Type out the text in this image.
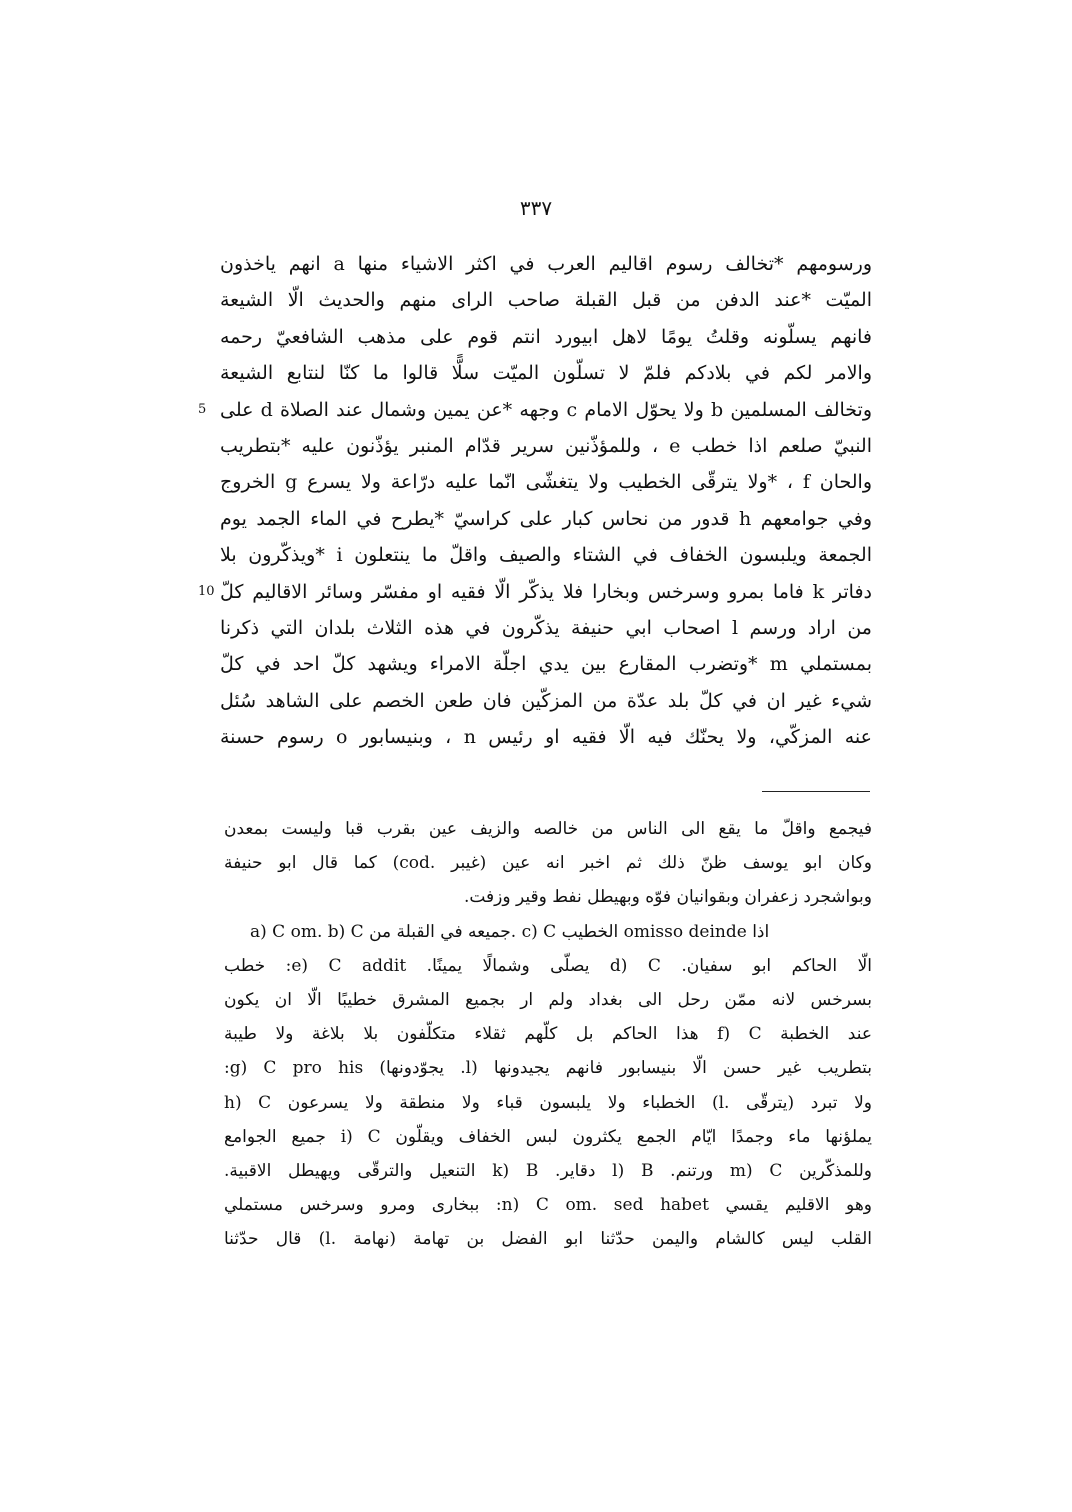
٣٣٧
ورسومهم *تخالف رسوم اقاليم العرب في اكثر الاشياء منها a انهم ياخذون
الميّت *عند الدفن من قبل القبلة صاحب الراى منهم والحديث الّا الشيعة
فانهم يسلّونه وقلتُ يومًا لاهل ابيورد انتم قوم على مذهب الشافعيّ رحمه
والامر لكم في بلادكم فلمّ لا تسلّون الميّت سلًّا قالوا ما كنّا لنتابع الشيعة
5 وتخالف المسلمين b ولا يحوّل الامام c وجهه *عن يمين وشمال عند الصلاة d على
النبيّ صلعم اذا خطب e ، وللمؤذّنين سرير قدّام المنبر يؤذّنون عليه *بتطريب
والحان f ، *ولا يترقّى الخطيب ولا يتغشّى انّما عليه درّاعة ولا يسرع g الخروج
وفي جوامعهم h قدور من نحاس كبار على كراسيّ *يطرح في الماء الجمد يوم
الجمعة ويلبسون الخفاف في الشتاء والصيف واقلّ ما ينتعلون i *ويذكّرون بلا
10 دفاتر k فاما بمرو وسرخس وبخارا فلا يذكّر الّا فقيه او مفسّر وسائر الاقاليم كلّ
من اراد ورسم l اصحاب ابي حنيفة يذكّرون في هذه الثلاث بلدان التي ذكرنا
بمستملي m *وتضرب المقارع بين يدي اجلّة الامراء ويشهد كلّ احد في كلّ
شيء غير ان في كلّ بلد عدّة من المزكّين فان طعن الخصم على الشاهد سُئل
عنه المزكّي، ولا يحنّك فيه الّا فقيه او رئيس n ، وبنيسابور o رسوم حسنة
فيجمع واقلّ ما يقع الى الناس من خالصه والزيف عين بقرب قبا وليست بمعدن
وكان ابو يوسف ظنّ ذلك ثم اخبر انه عين (غيبر .cod) كما قال ابو حنيفة
وبواشجرد زعفران وبقوانيان فوّه وبهيطل نفط وقير وزفت.
a) C om. b) C جميعه في القبلة من. c) C الخطيب omisso deinde اذا
الّا الحاكم ابو سفيان. d) C يصلّى وشمالًا يمينًا. e) C addit: خطب
بسرخس لانه ممّن رحل الى بغداد ولم ار بجميع المشرق خطيبًا الّا ان يكون
عند الخطبة f) C هذا الحاكم بل كلّهم ثقلاء متكلّفون بلا بلاغة ولا طيبة
بتطريب غير حسن الّا بنيسابور فانهم يجيدونها (l. يجوّدونها) g) C pro his:
ولا تبرد (يترقّى .l) الخطباء ولا يلبسون قباء ولا منطقة ولا يسرعون h) C
يملؤنها ماء وجمدًا ايّام الجمع يكثرون لبس الخفاف ويقلّون i) C جميع الجوامع
وللمذكّرين m) C ورتنم. l) B دقاير. k) B التنعيل والترقّى ويهيطل الاقبية.
وهو الاقليم يقسي n) C om. sed habet: ببخارى ومرو وسرخس مستملي
القلب ليس كالشام واليمن حدّثنا ابو الفضل بن تهامة (نهامة .l) قال حدّثنا
